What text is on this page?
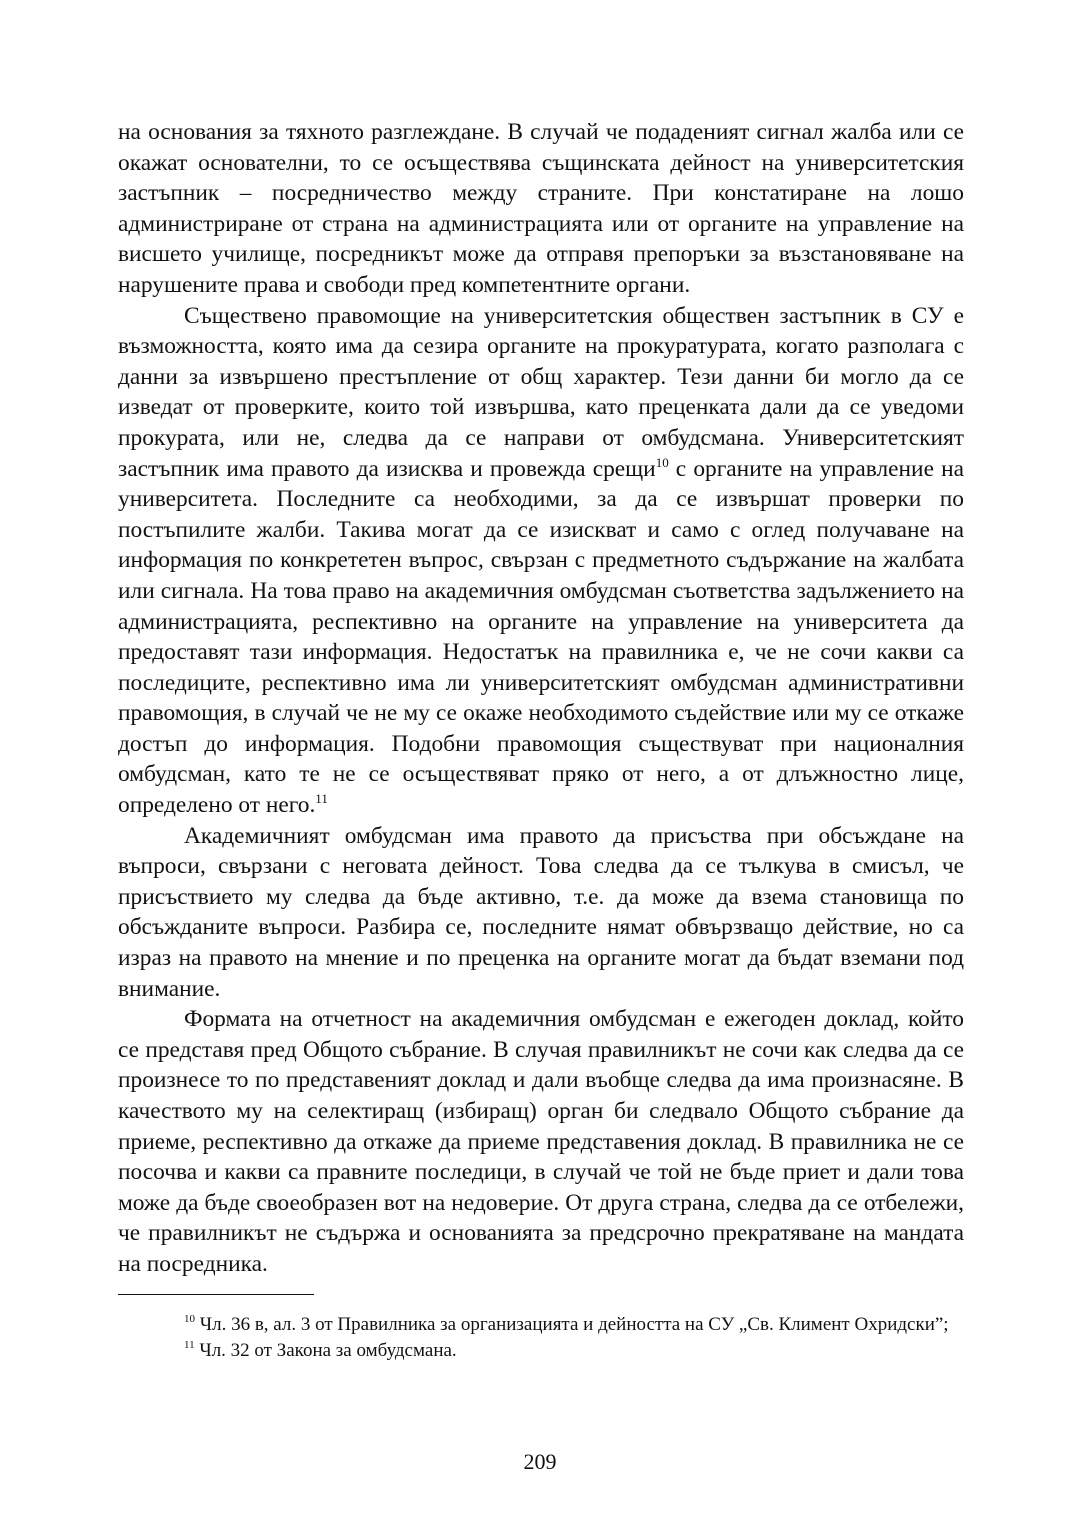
на основания за тяхното разглеждане. В случай че подаденият сигнал жалба или се окажат основателни, то се осъществява същинската дейност на университетския застъпник – посредничество между страните. При констатиране на лошо администриране от страна на администрацията или от органите на управление на висшето училище, посредникът може да отправя препоръки за възстановяване на нарушените права и свободи пред компетентните органи.

Съществено правомощие на университетския обществен застъпник в СУ е възможността, която има да сезира органите на прокуратурата, когато разполага с данни за извършено престъпление от общ характер. Тези данни би могло да се изведат от проверките, които той извършва, като преценката дали да се уведоми прокурата, или не, следва да се направи от омбудсмана. Университетският застъпник има правото да изисква и провежда срещи$^{10}$ с органите на управление на университета. Последните са необходими, за да се извършат проверки по постъпилите жалби. Такива могат да се изискват и само с оглед получаване на информация по конкрететен въпрос, свързан с предметното съдържание на жалбата или сигнала. На това право на академичния омбудсман съответства задължението на администрацията, респективно на органите на управление на университета да предоставят тази информация. Недостатък на правилника е, че не сочи какви са последиците, респективно има ли университетският омбудсман административни правомощия, в случай че не му се окаже необходимото съдействие или му се откаже достъп до информация. Подобни правомощия съществуват при националния омбудсман, като те не се осъществяват пряко от него, а от длъжностно лице, определено от него.$^{11}$

Академичният омбудсман има правото да присъства при обсъждане на въпроси, свързани с неговата дейност. Това следва да се тълкува в смисъл, че присъствието му следва да бъде активно, т.е. да може да взема становища по обсъжданите въпроси. Разбира се, последните нямат обвързващо действие, но са израз на правото на мнение и по преценка на органите могат да бъдат вземани под внимание.

Формата на отчетност на академичния омбудсман е ежегоден доклад, който се представя пред Общото събрание. В случая правилникът не сочи как следва да се произнесе то по представеният доклад и дали въобще следва да има произнасяне. В качеството му на селектиращ (избиращ) орган би следвало Общото събрание да приеме, респективно да откаже да приеме представения доклад. В правилника не се посочва и какви са правните последици, в случай че той не бъде приет и дали това може да бъде своеобразен вот на недоверие. От друга страна, следва да се отбележи, че правилникът не съдържа и основанията за предсрочно прекратяване на мандата на посредника.

$^{10}$ Чл. 36 в, ал. 3 от Правилника за организацията и дейността на СУ „Св. Климент Охридски”;

$^{11}$ Чл. 32 от Закона за омбудсмана.

209
